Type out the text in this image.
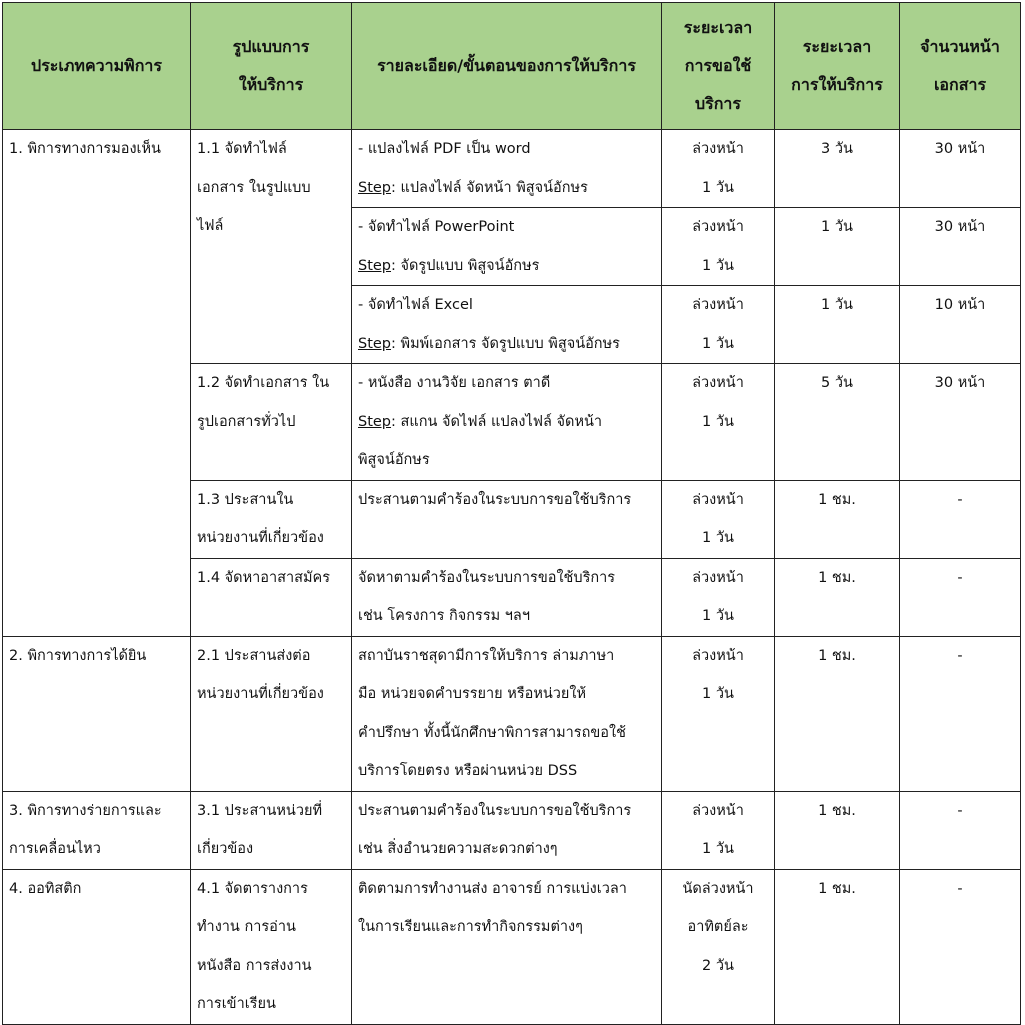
ประเภทความพิการ	รูปแบบการ
ให้บริการ	รายละเอียด/ขั้นตอนของการให้บริการ	ระยะเวลา
การขอใช้
บริการ	ระยะเวลา
การให้บริการ	จำนวนหน้า
เอกสาร
1. พิการทางการมองเห็น	1.1 จัดทำไฟล์
เอกสาร ในรูปแบบ
ไฟล์	- แปลงไฟล์ PDF เป็น word
Step: แปลงไฟล์ จัดหน้า พิสูจน์อักษร	ล่วงหน้า
1 วัน	3 วัน	30 หน้า
		- จัดทำไฟล์ PowerPoint
Step: จัดรูปแบบ พิสูจน์อักษร	ล่วงหน้า
1 วัน	1 วัน	30 หน้า
		- จัดทำไฟล์ Excel
Step: พิมพ์เอกสาร จัดรูปแบบ พิสูจน์อักษร	ล่วงหน้า
1 วัน	1 วัน	10 หน้า
	1.2 จัดทำเอกสาร ใน
รูปเอกสารทั่วไป	- หนังสือ งานวิจัย เอกสาร ตาดี
Step: สแกน จัดไฟล์ แปลงไฟล์ จัดหน้า
พิสูจน์อักษร	ล่วงหน้า
1 วัน	5 วัน	30 หน้า
	1.3 ประสานใน
หน่วยงานที่เกี่ยวข้อง	ประสานตามคำร้องในระบบการขอใช้บริการ	ล่วงหน้า
1 วัน	1 ชม.	-
	1.4 จัดหาอาสาสมัคร	จัดหาตามคำร้องในระบบการขอใช้บริการ
เช่น โครงการ กิจกรรม ฯลฯ	ล่วงหน้า
1 วัน	1 ชม.	-
2. พิการทางการได้ยิน	2.1 ประสานส่งต่อ
หน่วยงานที่เกี่ยวข้อง	สถาบันราชสุดามีการให้บริการ ล่ามภาษา
มือ หน่วยจดคำบรรยาย หรือหน่วยให้
คำปรึกษา ทั้งนี้นักศึกษาพิการสามารถขอใช้
บริการโดยตรง หรือผ่านหน่วย DSS	ล่วงหน้า
1 วัน	1 ชม.	-
3. พิการทางร่ายการและ
การเคลื่อนไหว	3.1 ประสานหน่วยที่
เกี่ยวข้อง	ประสานตามคำร้องในระบบการขอใช้บริการ
เช่น สิ่งอำนวยความสะดวกต่างๆ	ล่วงหน้า
1 วัน	1 ชม.	-
4. ออทิสติก	4.1 จัดตารางการ
ทำงาน การอ่าน
หนังสือ การส่งงาน
การเข้าเรียน	ติดตามการทำงานส่ง อาจารย์ การแบ่งเวลา
ในการเรียนและการทำกิจกรรมต่างๆ	นัดล่วงหน้า
อาทิตย์ละ
2 วัน	1 ชม.	-
